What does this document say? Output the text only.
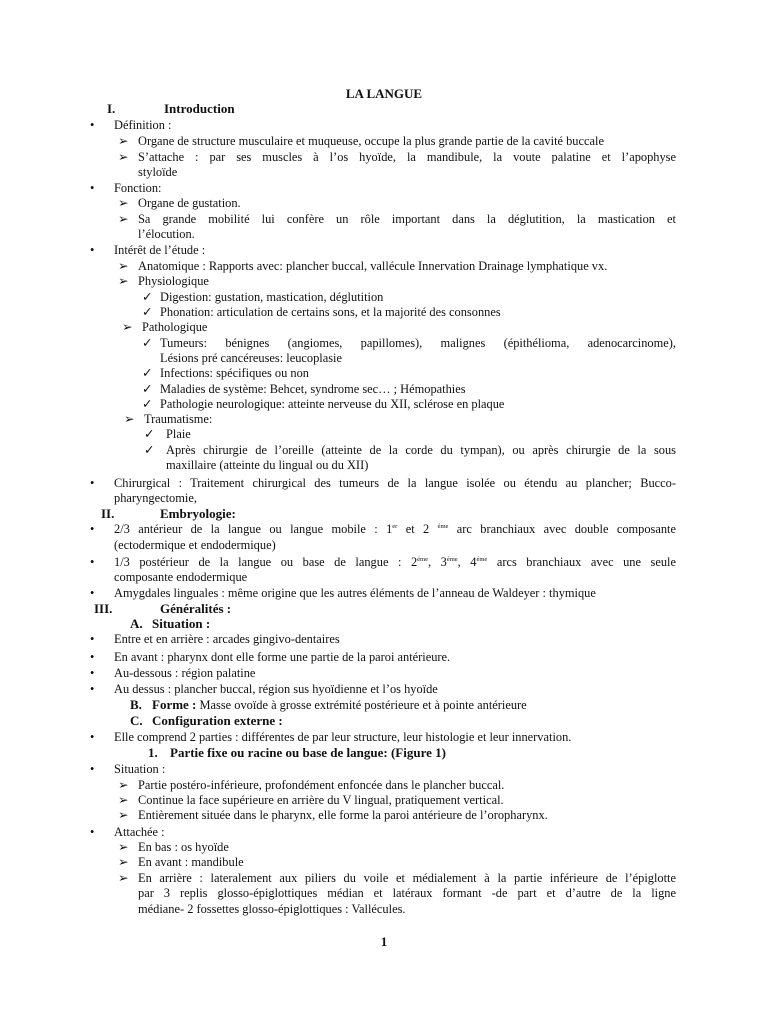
LA LANGUE
I.	Introduction
• Définition :
➢ Organe de structure musculaire et muqueuse, occupe la plus grande partie de la cavité buccale
➢ S’attache : par ses muscles à l’os hyoïde, la mandibule, la voute palatine et l’apophyse
styloïde
• Fonction:
➢ Organe de gustation.
➢ Sa grande mobilité lui confère un rôle important dans la déglutition, la mastication et
l’élocution.
• Intérêt de l’étude :
➢ Anatomique : Rapports avec: plancher buccal, vallécule Innervation Drainage lymphatique vx.
➢ Physiologique
✓ Digestion: gustation, mastication, déglutition
✓ Phonation: articulation de certains sons, et la majorité des consonnes
➢ Pathologique
✓ Tumeurs: bénignes (angiomes, papillomes), malignes (épithélioma, adenocarcinome),
Lésions pré cancéreuses: leucoplasie
✓ Infections: spécifiques ou non
✓ Maladies de système: Behcet, syndrome sec… ; Hémopathies
✓ Pathologie neurologique: atteinte nerveuse du XII, sclérose en plaque
➢ Traumatisme:
✓ Plaie
✓ Après chirurgie de l’oreille (atteinte de la corde du tympan), ou après chirurgie de la sous
maxillaire (atteinte du lingual ou du XII)
• Chirurgical : Traitement chirurgical des tumeurs de la langue isolée ou étendu au plancher; Bucco-
pharyngectomie,
II.	Embryologie:
• 2/3 antérieur de la langue ou langue mobile : 1er et 2 $^{éme}$ arc branchiaux avec double composante
(ectodermique et endodermique)
• 1/3 postérieur de la langue ou base de langue : $2^{éme}$, $3^{éme}$, $4^{éme}$ arcs branchiaux avec une seule
composante endodermique
• Amygdales linguales : même origine que les autres éléments de l’anneau de Waldeyer : thymique
III.	Généralités :
A. Situation :
• Entre et en arrière : arcades gingivo-dentaires
• En avant : pharynx dont elle forme une partie de la paroi antérieure.
• Au-dessous : région palatine
• Au dessus : plancher buccal, région sus hyoïdienne et l’os hyoïde
B. Forme : Masse ovoïde à grosse extrémité postérieure et à pointe antérieure
C. Configuration externe :
• Elle comprend 2 parties : différentes de par leur structure, leur histologie et leur innervation.
1. Partie fixe ou racine ou base de langue: (Figure 1)
• Situation :
➢ Partie postéro-inférieure, profondément enfoncée dans le plancher buccal.
➢ Continue la face supérieure en arrière du V lingual, pratiquement vertical.
➢ Entièrement située dans le pharynx, elle forme la paroi antérieure de l’oropharynx.
• Attachée :
➢ En bas : os hyoïde
➢ En avant : mandibule
➢ En arrière : lateralement aux piliers du voile et médialement à la partie inférieure de l’épiglotte
par 3 replis glosso-épiglottiques médian et latéraux formant -de part et d’autre de la ligne
médiane- 2 fossettes glosso-épiglottiques : Vallécules.
1
